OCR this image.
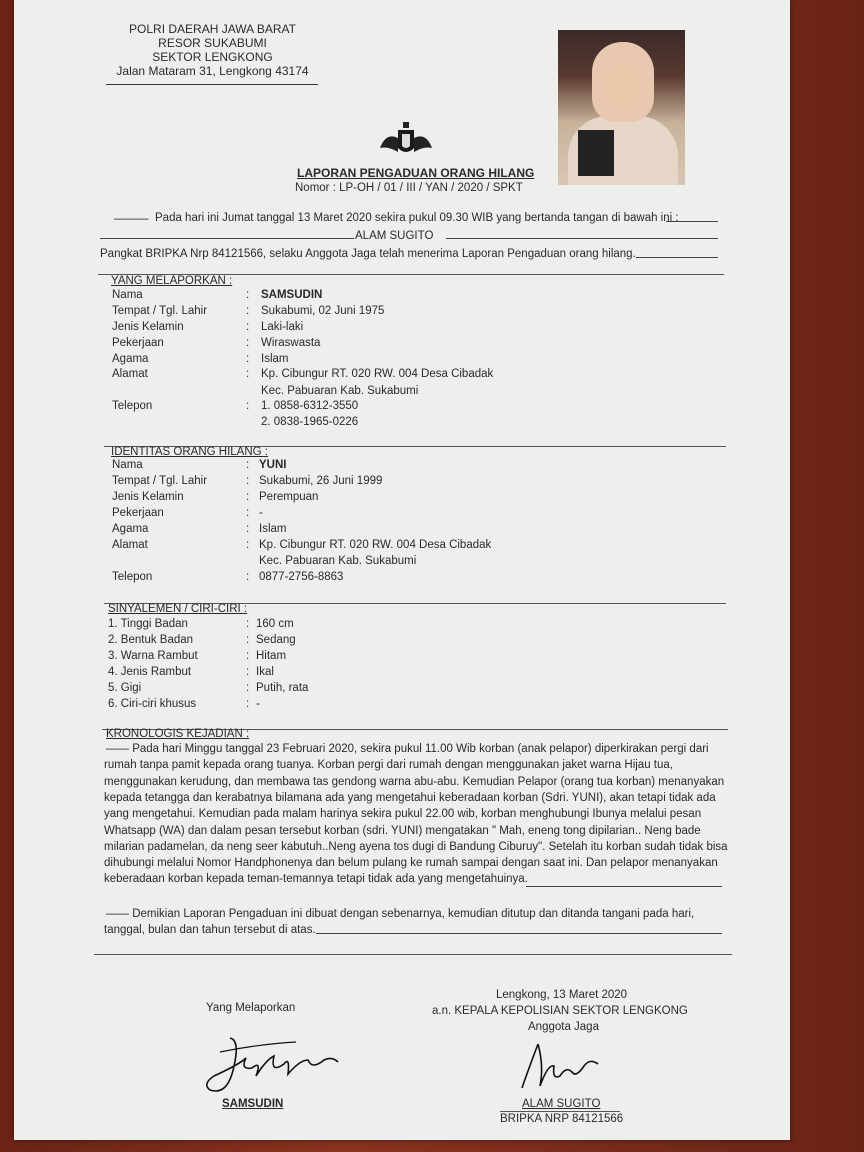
POLRI DAERAH JAWA BARAT
RESOR SUKABUMI
SEKTOR LENGKONG
Jalan Mataram 31, Lengkong 43174
LAPORAN PENGADUAN ORANG HILANG
Nomor : LP-OH / 01 / III / YAN / 2020 / SPKT
——— Pada hari ini Jumat tanggal 13 Maret 2020 sekira pukul 09.30 WIB yang bertanda tangan di bawah ini :
ALAM SUGITO
Pangkat BRIPKA Nrp 84121566, selaku Anggota Jaga telah menerima Laporan Pengaduan orang hilang.
YANG MELAPORKAN :
Nama	: SAMSUDIN
Tempat / Tgl. Lahir	: Sukabumi, 02 Juni 1975
Jenis Kelamin	: Laki-laki
Pekerjaan	: Wiraswasta
Agama	: Islam
Alamat	: Kp. Cibungur RT. 020 RW. 004 Desa Cibadak
Kec. Pabuaran Kab. Sukabumi
Telepon	: 1. 0858-6312-3550
2. 0838-1965-0226
IDENTITAS ORANG HILANG :
Nama	: YUNI
Tempat / Tgl. Lahir	: Sukabumi, 26 Juni 1999
Jenis Kelamin	: Perempuan
Pekerjaan	: -
Agama	: Islam
Alamat	: Kp. Cibungur RT. 020 RW. 004 Desa Cibadak
Kec. Pabuaran Kab. Sukabumi
Telepon	: 0877-2756-8863
SINYALEMEN / CIRI-CIRI :
1. Tinggi Badan	: 160 cm
2. Bentuk Badan	: Sedang
3. Warna Rambut	: Hitam
4. Jenis Rambut	: Ikal
5. Gigi	: Putih, rata
6. Ciri-ciri khusus	: -
KRONOLOGIS KEJADIAN :
—— Pada hari Minggu tanggal 23 Februari 2020, sekira pukul 11.00 Wib korban (anak pelapor) diperkirakan pergi dari
rumah tanpa pamit kepada orang tuanya. Korban pergi dari rumah dengan menggunakan jaket warna Hijau tua,
menggunakan kerudung, dan membawa tas gendong warna abu-abu. Kemudian Pelapor (orang tua korban) menanyakan
kepada tetangga dan kerabatnya bilamana ada yang mengetahui keberadaan korban (Sdri. YUNI), akan tetapi tidak ada
yang mengetahui. Kemudian pada malam harinya sekira pukul 22.00 wib, korban menghubungi Ibunya melalui pesan
Whatsapp (WA) dan dalam pesan tersebut korban (sdri. YUNI) mengatakan " Mah, eneng tong dipilarian.. Neng bade
milarian padamelan, da neng seer kabutuh..Neng ayena tos dugi di Bandung Ciburuy". Setelah itu korban sudah tidak bisa
dihubungi melalui Nomor Handphonenya dan belum pulang ke rumah sampai dengan saat ini. Dan pelapor menanyakan
keberadaan korban kepada teman-temannya tetapi tidak ada yang mengetahuinya.
—— Demikian Laporan Pengaduan ini dibuat dengan sebenarnya, kemudian ditutup dan ditanda tangani pada hari,
tanggal, bulan dan tahun tersebut di atas.
Yang Melaporkan
SAMSUDIN
Lengkong, 13 Maret 2020
a.n. KEPALA KEPOLISIAN SEKTOR LENGKONG
Anggota Jaga
ALAM SUGITO
BRIPKA NRP 84121566
